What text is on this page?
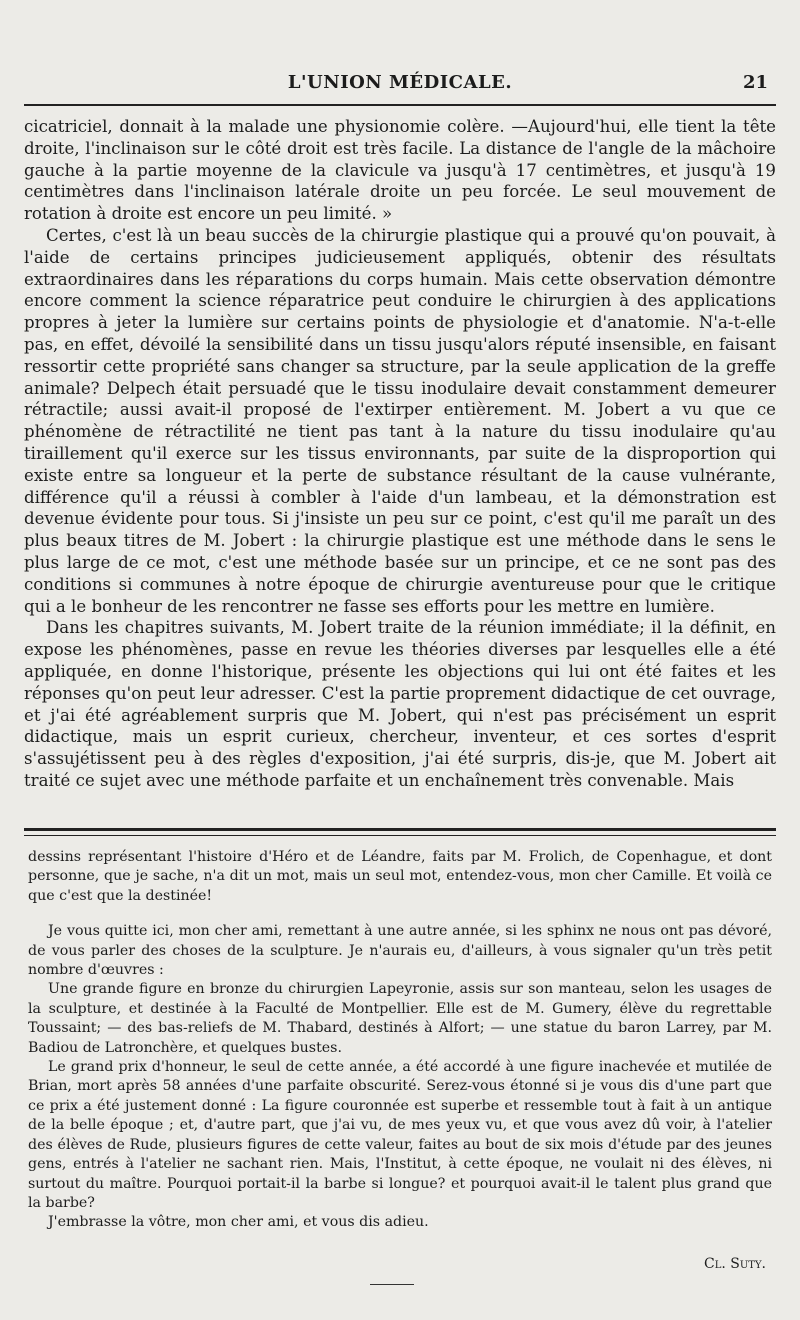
L'UNION MÉDICALE.	21

cicatriciel, donnait à la malade une physionomie colère. —Aujourd'hui, elle tient la tête droite, l'inclinaison sur le côté droit est très facile. La distance de l'angle de la mâchoire gauche à la partie moyenne de la clavicule va jusqu'à 17 centimètres, et jusqu'à 19 centimètres dans l'inclinaison latérale droite un peu forcée. Le seul mouvement de rotation à droite est encore un peu limité. »

Certes, c'est là un beau succès de la chirurgie plastique qui a prouvé qu'on pouvait, à l'aide de certains principes judicieusement appliqués, obtenir des résultats extraordinaires dans les réparations du corps humain. Mais cette observation démontre encore comment la science réparatrice peut conduire le chirurgien à des applications propres à jeter la lumière sur certains points de physiologie et d'anatomie. N'a-t-elle pas, en effet, dévoilé la sensibilité dans un tissu jusqu'alors réputé insensible, en faisant ressortir cette propriété sans changer sa structure, par la seule application de la greffe animale? Delpech était persuadé que le tissu inodulaire devait constamment demeurer rétractile; aussi avait-il proposé de l'extirper entièrement. M. Jobert a vu que ce phénomène de rétractilité ne tient pas tant à la nature du tissu inodulaire qu'au tiraillement qu'il exerce sur les tissus environnants, par suite de la disproportion qui existe entre sa longueur et la perte de substance résultant de la cause vulnérante, différence qu'il a réussi à combler à l'aide d'un lambeau, et la démonstration est devenue évidente pour tous. Si j'insiste un peu sur ce point, c'est qu'il me paraît un des plus beaux titres de M. Jobert : la chirurgie plastique est une méthode dans le sens le plus large de ce mot, c'est une méthode basée sur un principe, et ce ne sont pas des conditions si communes à notre époque de chirurgie aventureuse pour que le critique qui a le bonheur de les rencontrer ne fasse ses efforts pour les mettre en lumière.

Dans les chapitres suivants, M. Jobert traite de la réunion immédiate; il la définit, en expose les phénomènes, passe en revue les théories diverses par lesquelles elle a été appliquée, en donne l'historique, présente les objections qui lui ont été faites et les réponses qu'on peut leur adresser. C'est la partie proprement didactique de cet ouvrage, et j'ai été agréablement surpris que M. Jobert, qui n'est pas précisément un esprit didactique, mais un esprit curieux, chercheur, inventeur, et ces sortes d'esprit s'assujétissent peu à des règles d'exposition, j'ai été surpris, dis-je, que M. Jobert ait traité ce sujet avec une méthode parfaite et un enchaînement très convenable. Mais

dessins représentant l'histoire d'Héro et de Léandre, faits par M. Frolich, de Copenhague, et dont personne, que je sache, n'a dit un mot, mais un seul mot, entendez-vous, mon cher Camille. Et voilà ce que c'est que la destinée!

Je vous quitte ici, mon cher ami, remettant à une autre année, si les sphinx ne nous ont pas dévoré, de vous parler des choses de la sculpture. Je n'aurais eu, d'ailleurs, à vous signaler qu'un très petit nombre d'œuvres :

Une grande figure en bronze du chirurgien Lapeyronie, assis sur son manteau, selon les usages de la sculpture, et destinée à la Faculté de Montpellier. Elle est de M. Gumery, élève du regrettable Toussaint; — des bas-reliefs de M. Thabard, destinés à Alfort; — une statue du baron Larrey, par M. Badiou de Latronchère, et quelques bustes.

Le grand prix d'honneur, le seul de cette année, a été accordé à une figure inachevée et mutilée de Brian, mort après 58 années d'une parfaite obscurité. Serez-vous étonné si je vous dis d'une part que ce prix a été justement donné : La figure couronnée est superbe et ressemble tout à fait à un antique de la belle époque ; et, d'autre part, que j'ai vu, de mes yeux vu, et que vous avez dû voir, à l'atelier des élèves de Rude, plusieurs figures de cette valeur, faites au bout de six mois d'étude par des jeunes gens, entrés à l'atelier ne sachant rien. Mais, l'Institut, à cette époque, ne voulait ni des élèves, ni surtout du maître. Pourquoi portait-il la barbe si longue? et pourquoi avait-il le talent plus grand que la barbe?

J'embrasse la vôtre, mon cher ami, et vous dis adieu.

Cl. Suty.
